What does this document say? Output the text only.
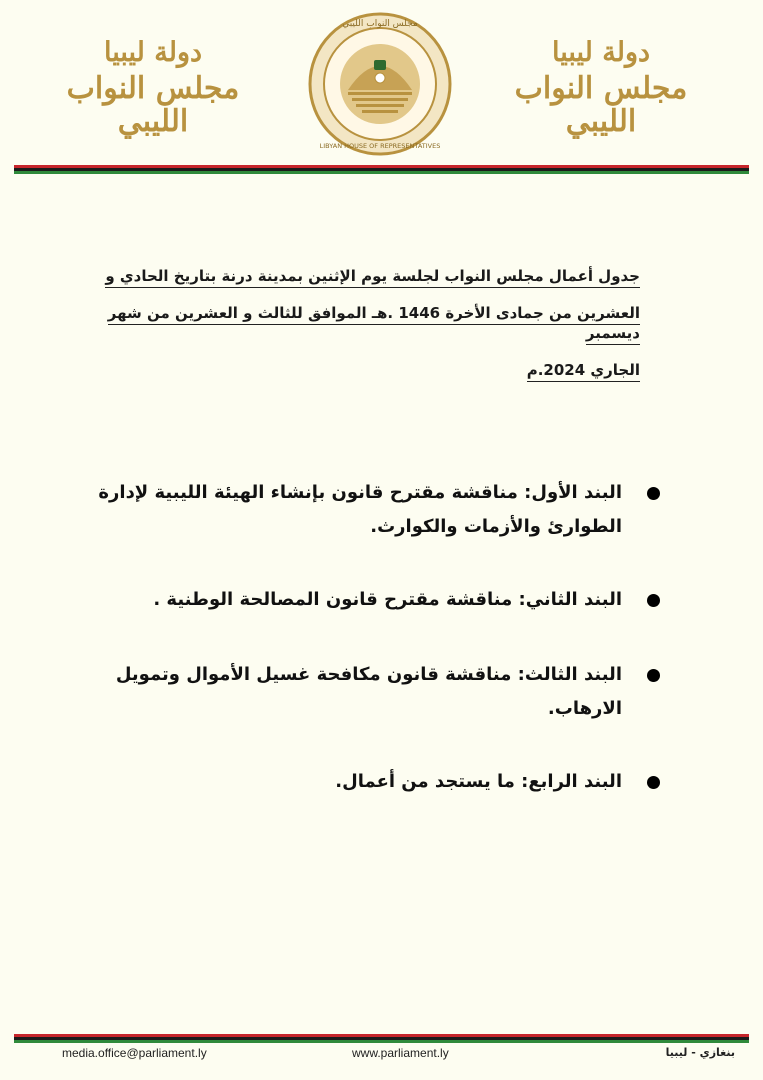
دولة ليبيا
مجلس النواب الليبي
مجلس النواب الليبي
LIBYAN HOUSE OF REPRESENTATIVES
دولة ليبيا
مجلس النواب الليبي
جدول أعمال مجلس النواب لجلسة يوم الإثنين بمدينة درنة بتاريخ الحادي و
العشرين من جمادى الأخرة 1446 .هـ الموافق للثالث و العشرين من شهر ديسمبر
الجاري 2024.م
البند الأول: مناقشة مقترح قانون بإنشاء الهيئة الليبية لإدارة الطوارئ والأزمات والكوارث.
البند الثاني: مناقشة مقترح قانون المصالحة الوطنية .
البند الثالث: مناقشة قانون مكافحة غسيل الأموال وتمويل الارهاب.
البند الرابع: ما يستجد من أعمال.
media.office@parliament.ly	www.parliament.ly	بنغازي - ليبيا
